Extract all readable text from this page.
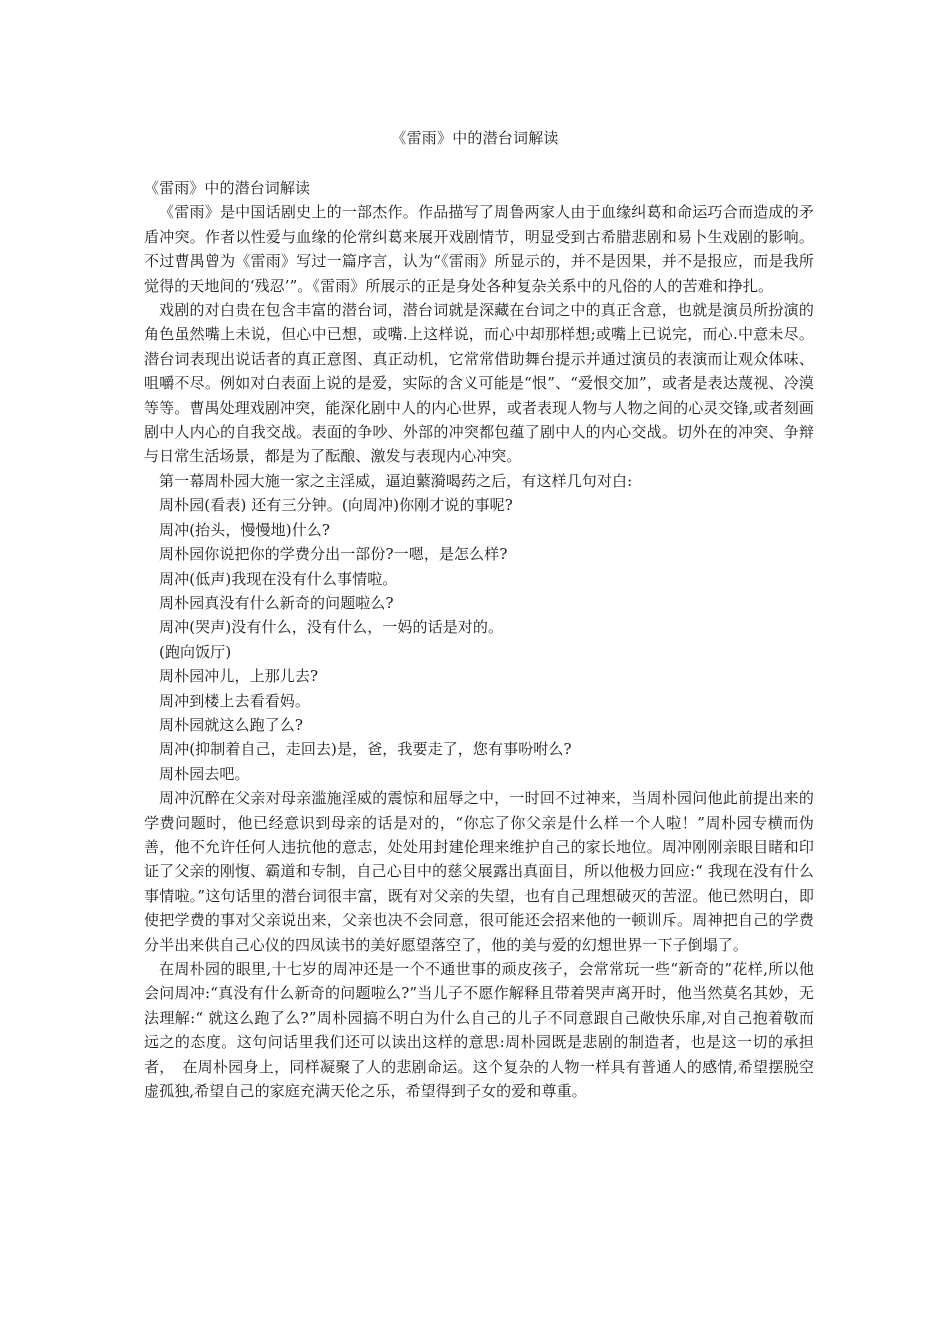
《雷雨》中的潜台词解读

《雷雨》中的潜台词解读

《雷雨》是中国话剧史上的一部杰作。作品描写了周鲁两家人由于血缘纠葛和命运巧合而造成的矛盾冲突。作者以性爱与血缘的伦常纠葛来展开戏剧情节，明显受到古希腊悲剧和易卜生戏剧的影响。不过曹禺曾为《雷雨》写过一篇序言，认为“《雷雨》所显示的，并不是因果，并不是报应，而是我所觉得的天地间的‘残忍’”。《雷雨》所展示的正是身处各种复杂关系中的凡俗的人的苦难和挣扎。

戏剧的对白贵在包含丰富的潜台词，潜台词就是深藏在台词之中的真正含意，也就是演员所扮演的角色虽然嘴上未说，但心中已想，或嘴.上这样说，而心中却那样想;或嘴上已说完，而心.中意未尽。潜台词表现出说话者的真正意图、真正动机，它常常借助舞台提示并通过演员的表演而让观众体味、咀嚼不尽。例如对白表面上说的是爱，实际的含义可能是“恨”、“爱恨交加”，或者是表达蔑视、冷漠等等。曹禺处理戏剧冲突，能深化剧中人的内心世界，或者表现人物与人物之间的心灵交锋,或者刻画剧中人内心的自我交战。表面的争吵、外部的冲突都包蕴了剧中人的内心交战。切外在的冲突、争辩与日常生活场景，都是为了酝酿、激发与表现内心冲突。

第一幕周朴园大施一家之主淫威，逼迫蘩漪喝药之后，有这样几句对白:

周朴园(看表) 还有三分钟。(向周冲)你刚才说的事呢?

周冲(抬头，慢慢地)什么?

周朴园你说把你的学费分出一部份?一嗯，是怎么样?

周冲(低声)我现在没有什么事情啦。

周朴园真没有什么新奇的问题啦么?

周冲(哭声)没有什么，没有什么，一妈的话是对的。

(跑向饭厅)

周朴园冲儿，上那儿去?

周冲到楼上去看看妈。

周朴园就这么跑了么?

周冲(抑制着自己，走回去)是，爸，我要走了，您有事吩咐么?

周朴园去吧。

周冲沉醉在父亲对母亲滥施淫威的震惊和屈辱之中，一时回不过神来，当周朴园问他此前提出来的学费问题时，他已经意识到母亲的话是对的，“你忘了你父亲是什么样一个人啦！”周朴园专横而伪善，他不允许任何人违抗他的意志，处处用封建伦理来维护自己的家长地位。周冲刚刚亲眼目睹和印证了父亲的刚愎、霸道和专制，自己心目中的慈父展露出真面目，所以他极力回应:“ 我现在没有什么事情啦。”这句话里的潜台词很丰富，既有对父亲的失望，也有自己理想破灭的苦涩。他已然明白，即使把学费的事对父亲说出来，父亲也决不会同意，很可能还会招来他的一顿训斥。周神把自己的学费分半出来供自己心仪的四凤读书的美好愿望落空了，他的美与爱的幻想世界一下子倒塌了。

在周朴园的眼里,十七岁的周冲还是一个不通世事的顽皮孩子，会常常玩一些“新奇的”花样,所以他会问周冲:“真没有什么新奇的问题啦么?”当儿子不愿作解释且带着哭声离开时，他当然莫名其妙，无法理解:“ 就这么跑了么?”周朴园搞不明白为什么自己的儿子不同意跟自己敞快乐扉,对自己抱着敬而远之的态度。这句问话里我们还可以读出这样的意思:周朴园既是悲剧的制造者，也是这一切的承担者，　在周朴园身上，同样凝聚了人的悲剧命运。这个复杂的人物一样具有普通人的感情,希望摆脱空虚孤独,希望自己的家庭充满天伦之乐，希望得到子女的爱和尊重。
